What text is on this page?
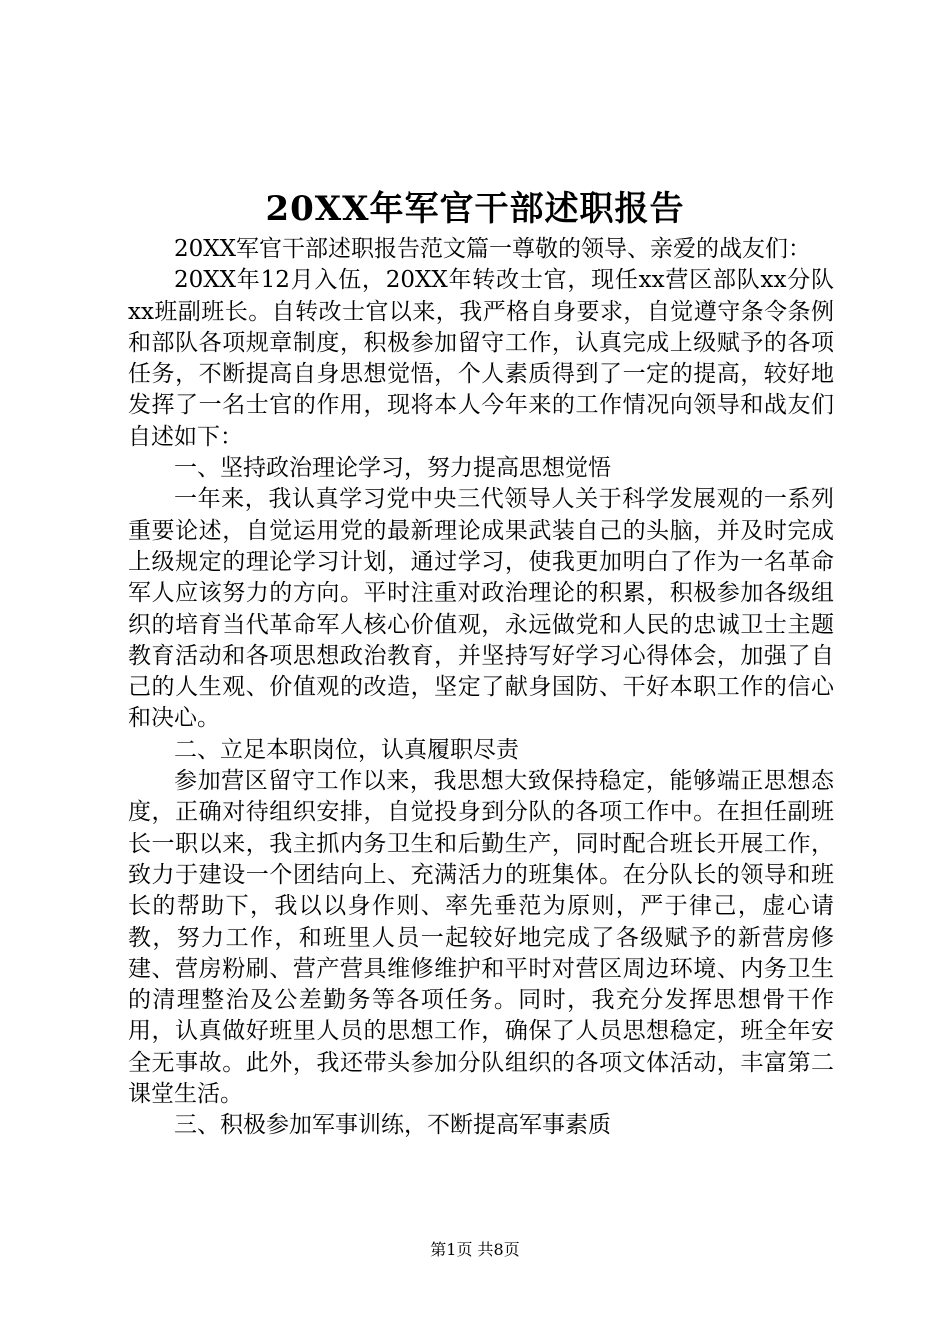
20XX年军官干部述职报告

20XX军官干部述职报告范文篇一尊敬的领导、亲爱的战友们：

20XX年12月入伍，20XX年转改士官，现任xx营区部队xx分队xx班副班长。自转改士官以来，我严格自身要求，自觉遵守条令条例和部队各项规章制度，积极参加留守工作，认真完成上级赋予的各项任务，不断提高自身思想觉悟，个人素质得到了一定的提高，较好地发挥了一名士官的作用，现将本人今年来的工作情况向领导和战友们自述如下：

一、坚持政治理论学习，努力提高思想觉悟

一年来，我认真学习党中央三代领导人关于科学发展观的一系列重要论述，自觉运用党的最新理论成果武装自己的头脑，并及时完成上级规定的理论学习计划，通过学习，使我更加明白了作为一名革命军人应该努力的方向。平时注重对政治理论的积累，积极参加各级组织的培育当代革命军人核心价值观，永远做党和人民的忠诚卫士主题教育活动和各项思想政治教育，并坚持写好学习心得体会，加强了自己的人生观、价值观的改造，坚定了献身国防、干好本职工作的信心和决心。

二、立足本职岗位，认真履职尽责

参加营区留守工作以来，我思想大致保持稳定，能够端正思想态度，正确对待组织安排，自觉投身到分队的各项工作中。在担任副班长一职以来，我主抓内务卫生和后勤生产，同时配合班长开展工作，致力于建设一个团结向上、充满活力的班集体。在分队长的领导和班长的帮助下，我以以身作则、率先垂范为原则，严于律己，虚心请教，努力工作，和班里人员一起较好地完成了各级赋予的新营房修建、营房粉刷、营产营具维修维护和平时对营区周边环境、内务卫生的清理整治及公差勤务等各项任务。同时，我充分发挥思想骨干作用，认真做好班里人员的思想工作，确保了人员思想稳定，班全年安全无事故。此外，我还带头参加分队组织的各项文体活动，丰富第二课堂生活。

三、积极参加军事训练，不断提高军事素质

第1页 共8页
